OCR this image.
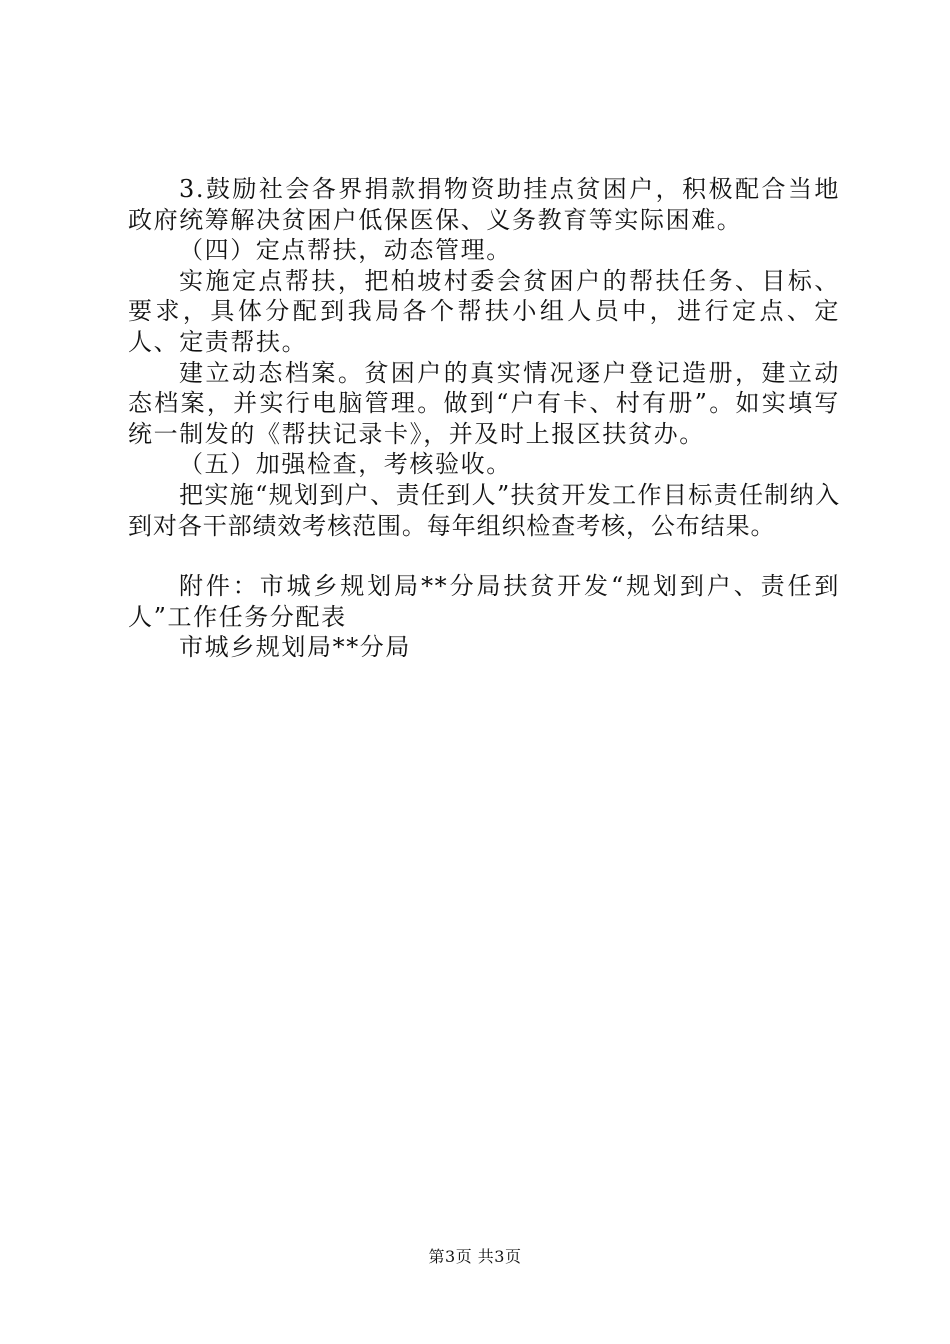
3.鼓励社会各界捐款捐物资助挂点贫困户，积极配合当地政府统筹解决贫困户低保医保、义务教育等实际困难。

（四）定点帮扶，动态管理。

实施定点帮扶，把柏坡村委会贫困户的帮扶任务、目标、要求，具体分配到我局各个帮扶小组人员中，进行定点、定人、定责帮扶。

建立动态档案。贫困户的真实情况逐户登记造册，建立动态档案，并实行电脑管理。做到“户有卡、村有册”。如实填写统一制发的《帮扶记录卡》，并及时上报区扶贫办。

（五）加强检查，考核验收。

把实施“规划到户、责任到人”扶贫开发工作目标责任制纳入到对各干部绩效考核范围。每年组织检查考核，公布结果。

附件：市城乡规划局**分局扶贫开发“规划到户、责任到人”工作任务分配表

市城乡规划局**分局

第3页 共3页
